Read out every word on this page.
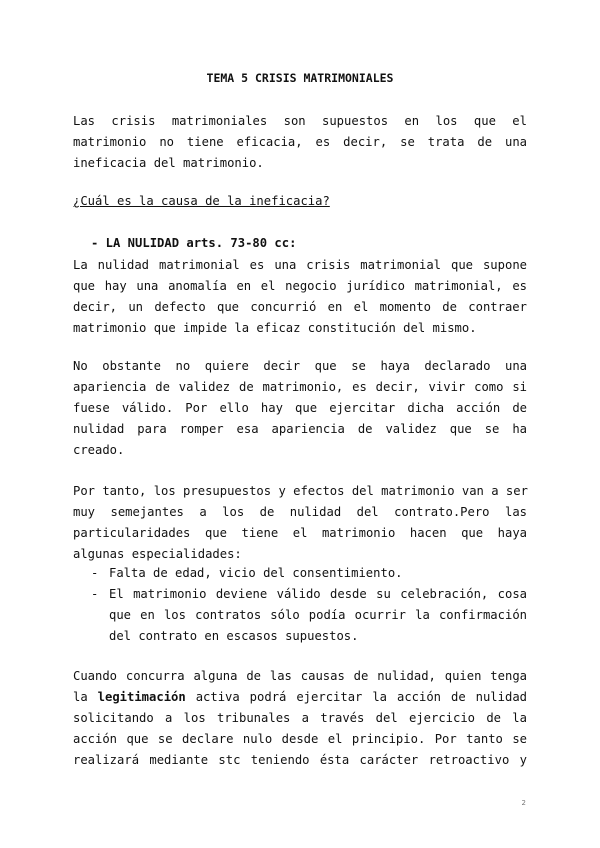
TEMA 5 CRISIS MATRIMONIALES
Las crisis matrimoniales son supuestos en los que el
matrimonio no tiene eficacia, es decir, se trata de una
ineficacia del matrimonio.
¿Cuál es la causa de la ineficacia?
- LA NULIDAD arts. 73-80 cc:
La nulidad matrimonial es una crisis matrimonial que supone
que hay una anomalía en el negocio jurídico matrimonial, es
decir, un defecto que concurrió en el momento de contraer
matrimonio que impide la eficaz constitución del mismo.
No obstante no quiere decir que se haya declarado una
apariencia de validez de matrimonio, es decir, vivir como si
fuese válido. Por ello hay que ejercitar dicha acción de
nulidad para romper esa apariencia de validez que se ha
creado.
Por tanto, los presupuestos y efectos del matrimonio van a ser
muy semejantes a los de nulidad del contrato.Pero las
particularidades que tiene el matrimonio hacen que haya
algunas especialidades:
- Falta de edad, vicio del consentimiento.
- El matrimonio deviene válido desde su celebración, cosa
que en los contratos sólo podía ocurrir la confirmación
del contrato en escasos supuestos.
Cuando concurra alguna de las causas de nulidad, quien tenga
la legitimación activa podrá ejercitar la acción de nulidad
solicitando a los tribunales a través del ejercicio de la
acción que se declare nulo desde el principio. Por tanto se
realizará mediante stc teniendo ésta carácter retroactivo y
2
